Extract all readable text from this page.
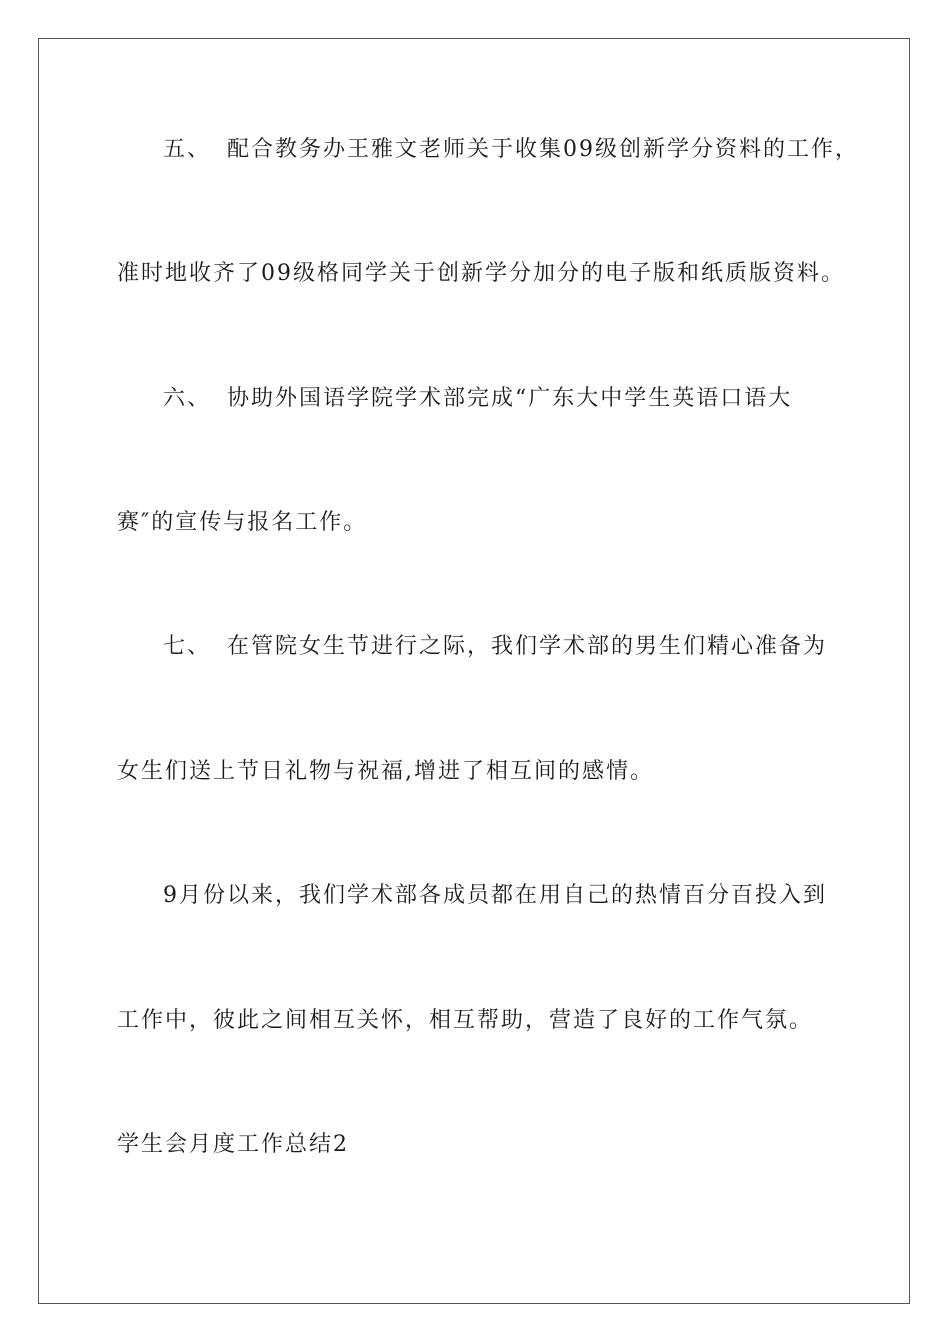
五、 配合教务办王雅文老师关于收集09级创新学分资料的工作，
准时地收齐了09级格同学关于创新学分加分的电子版和纸质版资料。
六、 协助外国语学院学术部完成“广东大中学生英语口语大
赛″的宣传与报名工作。
七、 在管院女生节进行之际，我们学术部的男生们精心准备为
女生们送上节日礼物与祝福,增进了相互间的感情。
9月份以来，我们学术部各成员都在用自己的热情百分百投入到
工作中，彼此之间相互关怀，相互帮助，营造了良好的工作气氛。
学生会月度工作总结2
